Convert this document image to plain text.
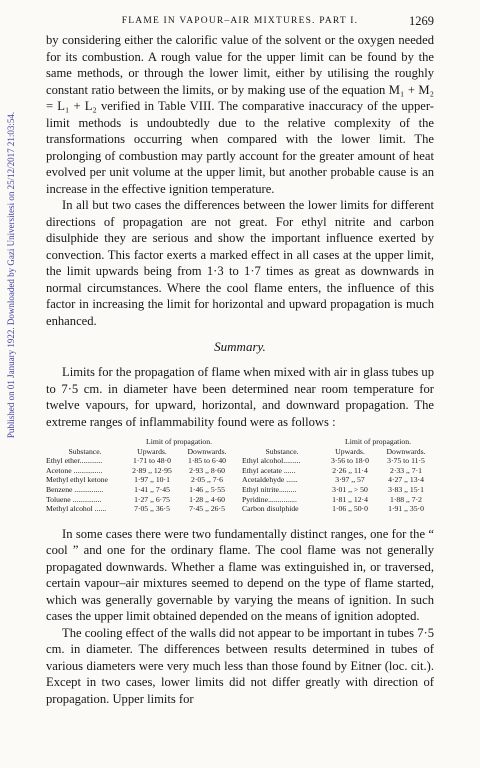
Published on 01 January 1922. Downloaded by Gazi Universitesi on 25/12/2017 21:03:54.
FLAME IN VAPOUR–AIR MIXTURES. PART I.	1269

by considering either the calorific value of the solvent or the oxygen needed for its combustion. A rough value for the upper limit can be found by the same methods, or through the lower limit, either by utilising the roughly constant ratio between the limits, or by making use of the equation M₁ + M₂ = L₁ + L₂ verified in Table VIII. The comparative inaccuracy of the upper-limit methods is undoubtedly due to the relative complexity of the transformations occurring when compared with the lower limit. The prolonging of combustion may partly account for the greater amount of heat evolved per unit volume at the upper limit, but another probable cause is an increase in the effective ignition temperature.

In all but two cases the differences between the lower limits for different directions of propagation are not great. For ethyl nitrite and carbon disulphide they are serious and show the important influence exerted by convection. This factor exerts a marked effect in all cases at the upper limit, the limit upwards being from 1·3 to 1·7 times as great as downwards in normal circumstances. Where the cool flame enters, the influence of this factor in increasing the limit for horizontal and upward propagation is much enhanced.

Summary.

Limits for the propagation of flame when mixed with air in glass tubes up to 7·5 cm. in diameter have been determined near room temperature for twelve vapours, for upward, horizontal, and downward propagation. The extreme ranges of inflammability found were as follows :

	Limit of propagation.				Limit of propagation.	
Substance.	Upwards.	Downwards.		Substance.	Upwards.	Downwards.
Ethyl ether............	1·71 to 48·0	1·85 to 6·40		Ethyl alcohol.........	3·56 to 18·0	3·75 to 11·5
Acetone ...............	2·89 ,, 12·95	2·93 ,, 8·60		Ethyl acetate ......	2·26 ,, 11·4	2·33 ,, 7·1
Methyl ethyl ketone	1·97 ,, 10·1	2·05 ,, 7·6		Acetaldehyde ......	3·97 ,, 57	4·27 ,, 13·4
Benzene ...............	1·41 ,, 7·45	1·46 ,, 5·55		Ethyl nitrite.........	3·01 ,, > 50	3·83 ,, 15·1
Toluene ...............	1·27 ,, 6·75	1·28 ,, 4·60		Pyridine...............	1·81 ,, 12·4	1·88 ,, 7·2
Methyl alcohol ......	7·05 ,, 36·5	7·45 ,, 26·5		Carbon disulphide	1·06 ,, 50·0	1·91 ,, 35·0

In some cases there were two fundamentally distinct ranges, one for the “ cool ” and one for the ordinary flame. The cool flame was not generally propagated downwards. Whether a flame was extinguished in, or traversed, certain vapour–air mixtures seemed to depend on the type of flame started, which was generally governable by varying the means of ignition. In such cases the upper limit obtained depended on the means of ignition adopted.

The cooling effect of the walls did not appear to be important in tubes 7·5 cm. in diameter. The differences between results determined in tubes of various diameters were very much less than those found by Eitner (loc. cit.). Except in two cases, lower limits did not differ greatly with direction of propagation. Upper limits for
